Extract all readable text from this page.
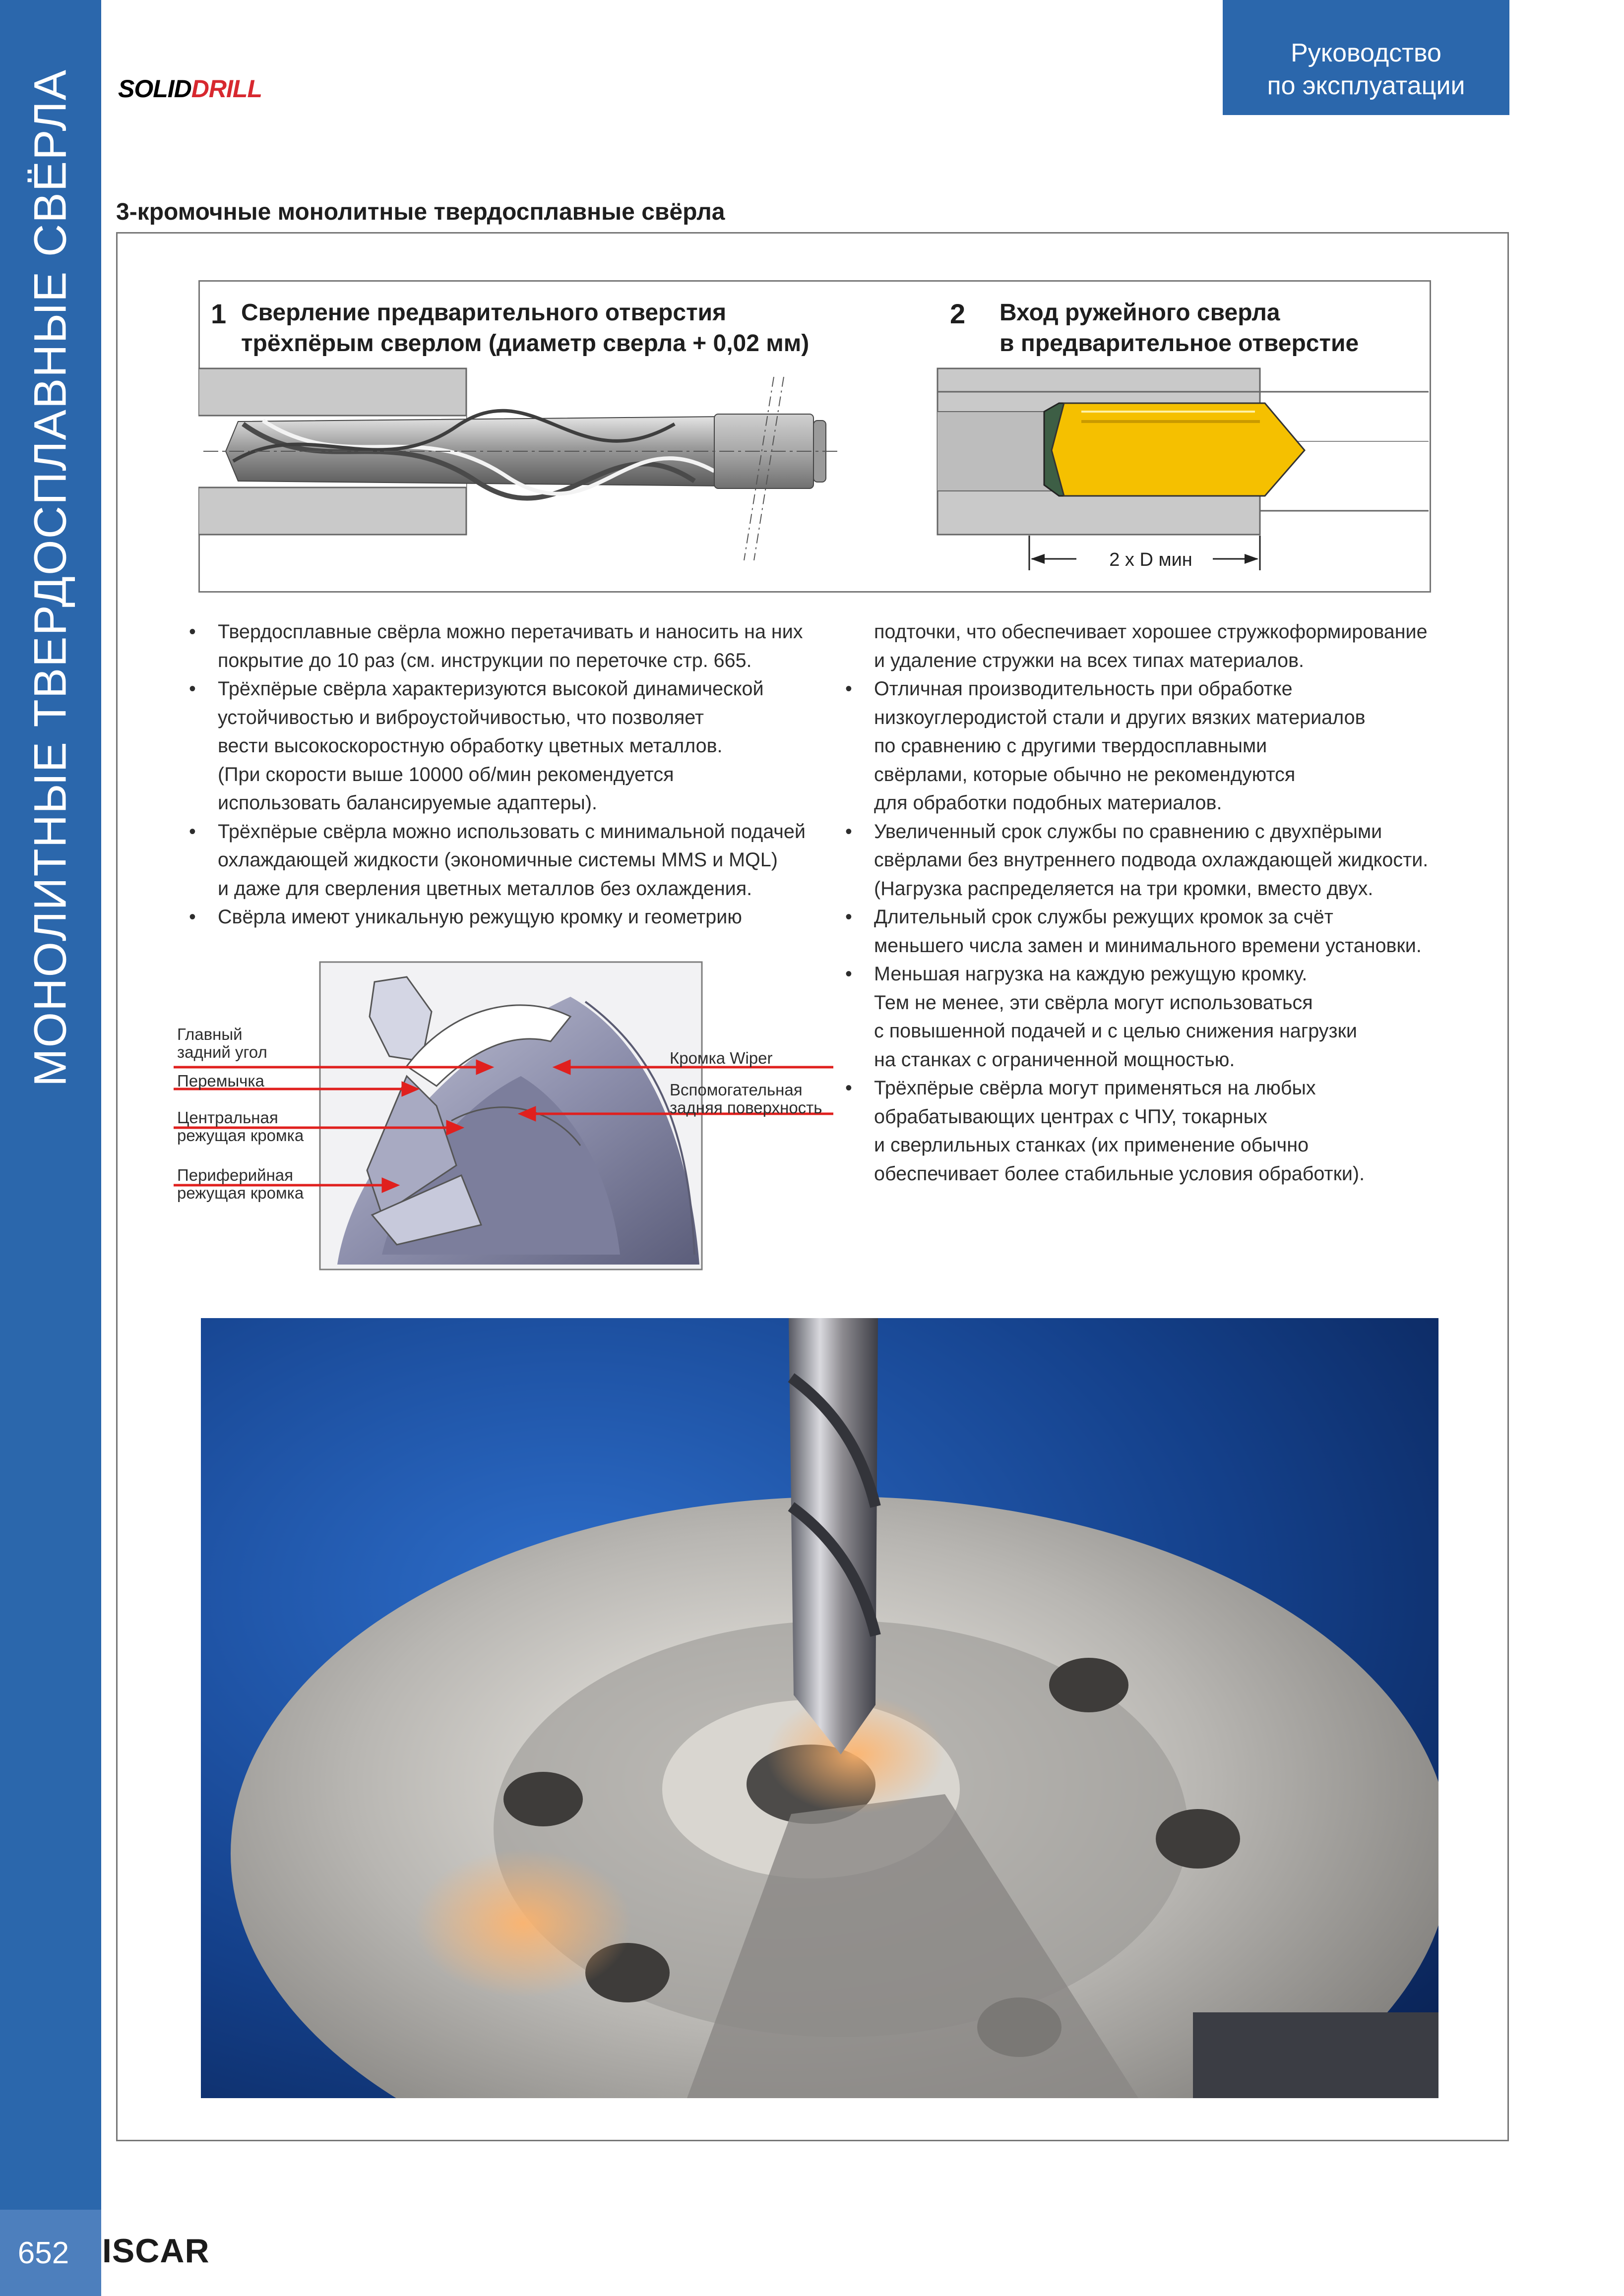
МОНОЛИТНЫЕ ТВЕРДОСПЛАВНЫЕ СВЁРЛА
652 ISCAR
SOLIDDRILL
Руководство
по эксплуатации
3-кромочные монолитные твердосплавные свёрла
1 Сверление предварительного отверстия
трёхпёрым сверлом (диаметр сверла + 0,02 мм)
2 Вход ружейного сверла
в предварительное отверстие
2 x D мин
• Твердосплавные свёрла можно перетачивать и наносить на них
покрытие до 10 раз (см. инструкции по переточке стр. 665.
• Трёхпёрые свёрла характеризуются высокой динамической
устойчивостью и виброустойчивостью, что позволяет
вести высокоскоростную обработку цветных металлов.
(При скорости выше 10000 об/мин рекомендуется
использовать балансируемые адаптеры).
• Трёхпёрые свёрла можно использовать с минимальной подачей
охлаждающей жидкости (экономичные системы MMS и MQL)
и даже для сверления цветных металлов без охлаждения.
• Свёрла имеют уникальную режущую кромку и геометрию
подточки, что обеспечивает хорошее стружкоформирование
и удаление стружки на всех типах материалов.
• Отличная производительность при обработке
низкоуглеродистой стали и других вязких материалов
по сравнению с другими твердосплавными
свёрлами, которые обычно не рекомендуются
для обработки подобных материалов.
• Увеличенный срок службы по сравнению с двухпёрыми
свёрлами без внутреннего подвода охлаждающей жидкости.
(Нагрузка распределяется на три кромки, вместо двух.
• Длительный срок службы режущих кромок за счёт
меньшего числа замен и минимального времени установки.
• Меньшая нагрузка на каждую режущую кромку.
Тем не менее, эти свёрла могут использоваться
с повышенной подачей и с целью снижения нагрузки
на станках с ограниченной мощностью.
• Трёхпёрые свёрла могут применяться на любых
обрабатывающих центрах с ЧПУ, токарных
и сверлильных станках (их применение обычно
обеспечивает более стабильные условия обработки).
Главный
задний угол
Перемычка
Центральная
режущая кромка
Периферийная
режущая кромка
Кромка Wiper
Вспомогательная
задняя поверхность
